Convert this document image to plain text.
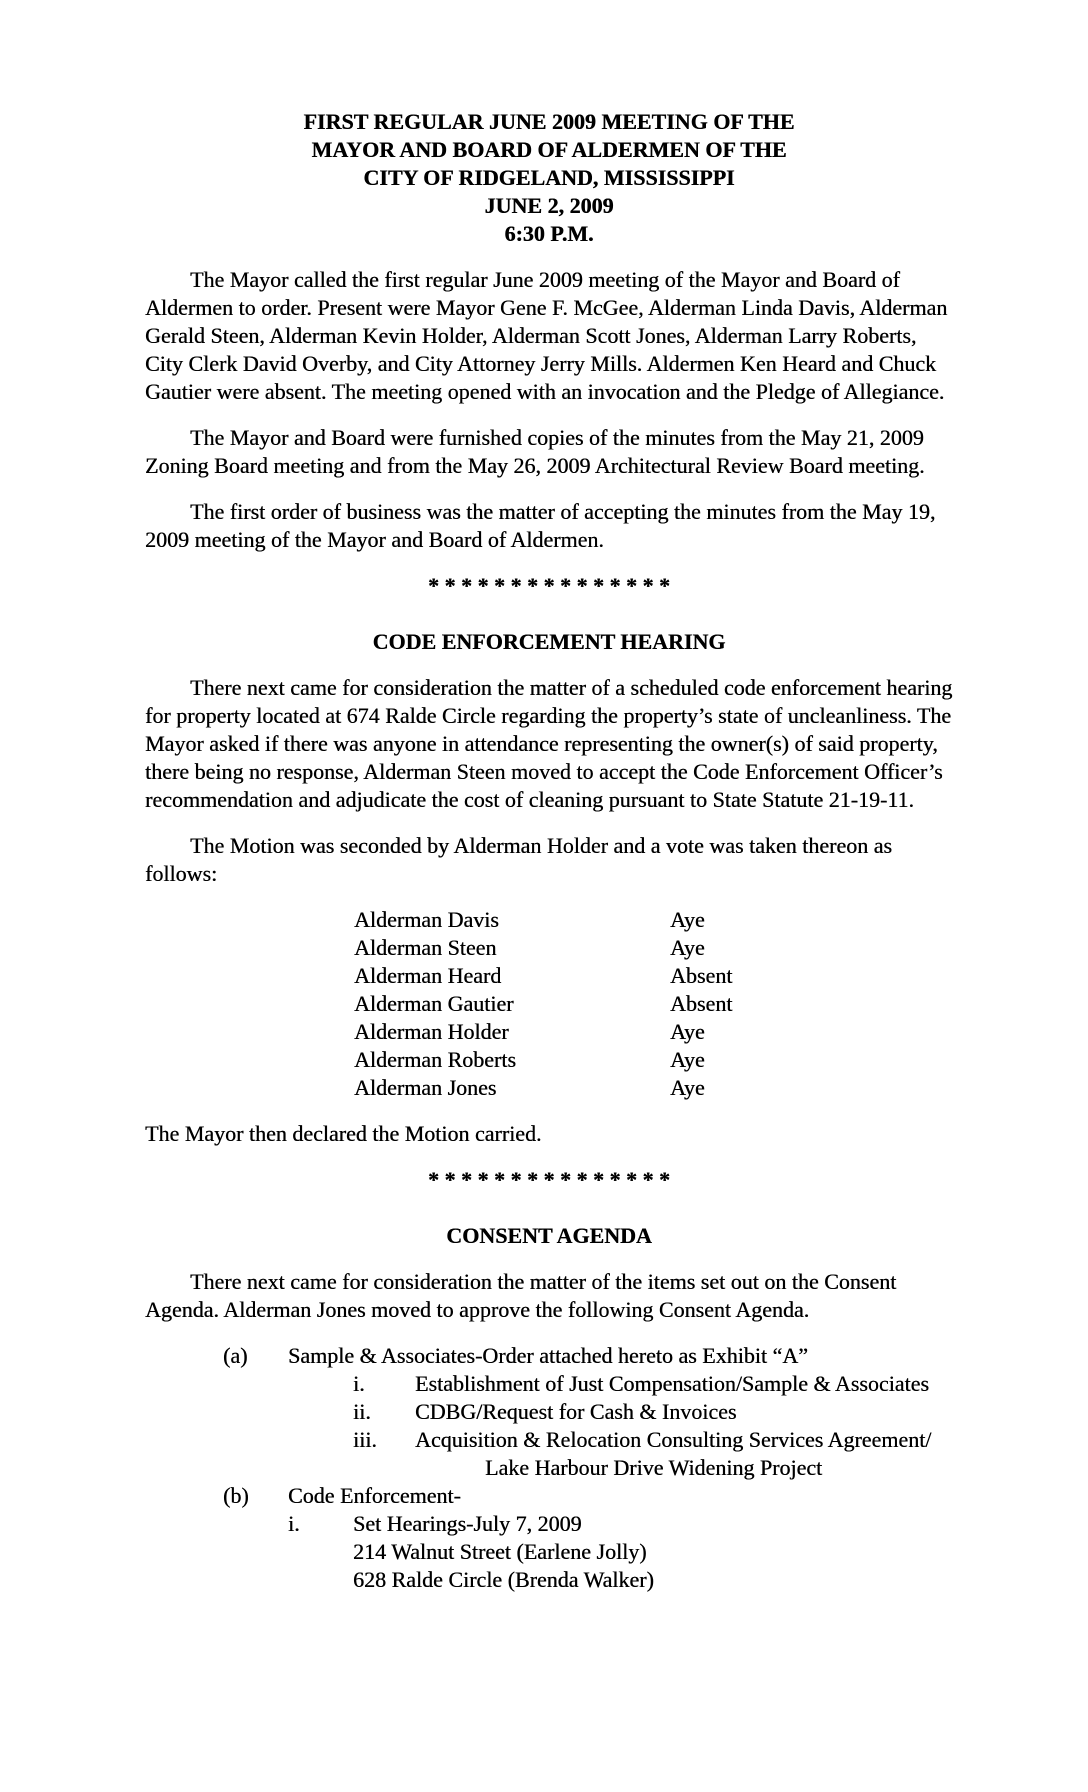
FIRST REGULAR JUNE 2009 MEETING OF THE
MAYOR AND BOARD OF ALDERMEN OF THE
CITY OF RIDGELAND, MISSISSIPPI
JUNE 2, 2009
6:30 P.M.

The Mayor called the first regular June 2009 meeting of the Mayor and Board of Aldermen to order. Present were Mayor Gene F. McGee, Alderman Linda Davis, Alderman Gerald Steen, Alderman Kevin Holder, Alderman Scott Jones, Alderman Larry Roberts, City Clerk David Overby, and City Attorney Jerry Mills. Aldermen Ken Heard and Chuck Gautier were absent. The meeting opened with an invocation and the Pledge of Allegiance.

The Mayor and Board were furnished copies of the minutes from the May 21, 2009 Zoning Board meeting and from the May 26, 2009 Architectural Review Board meeting.

The first order of business was the matter of accepting the minutes from the May 19, 2009 meeting of the Mayor and Board of Aldermen.

* * * * * * * * * * * * * * *
CODE ENFORCEMENT HEARING

There next came for consideration the matter of a scheduled code enforcement hearing for property located at 674 Ralde Circle regarding the property’s state of uncleanliness. The Mayor asked if there was anyone in attendance representing the owner(s) of said property, there being no response, Alderman Steen moved to accept the Code Enforcement Officer’s recommendation and adjudicate the cost of cleaning pursuant to State Statute 21-19-11.

The Motion was seconded by Alderman Holder and a vote was taken thereon as follows:

Alderman Davis	Aye
Alderman Steen	Aye
Alderman Heard	Absent
Alderman Gautier	Absent
Alderman Holder	Aye
Alderman Roberts	Aye
Alderman Jones	Aye

The Mayor then declared the Motion carried.

* * * * * * * * * * * * * * *
CONSENT AGENDA

There next came for consideration the matter of the items set out on the Consent Agenda. Alderman Jones moved to approve the following Consent Agenda.

(a) Sample & Associates-Order attached hereto as Exhibit “A”
i. Establishment of Just Compensation/Sample & Associates
ii. CDBG/Request for Cash & Invoices
iii. Acquisition & Relocation Consulting Services Agreement/
Lake Harbour Drive Widening Project
(b) Code Enforcement-
i. Set Hearings-July 7, 2009
214 Walnut Street (Earlene Jolly)
628 Ralde Circle (Brenda Walker)
